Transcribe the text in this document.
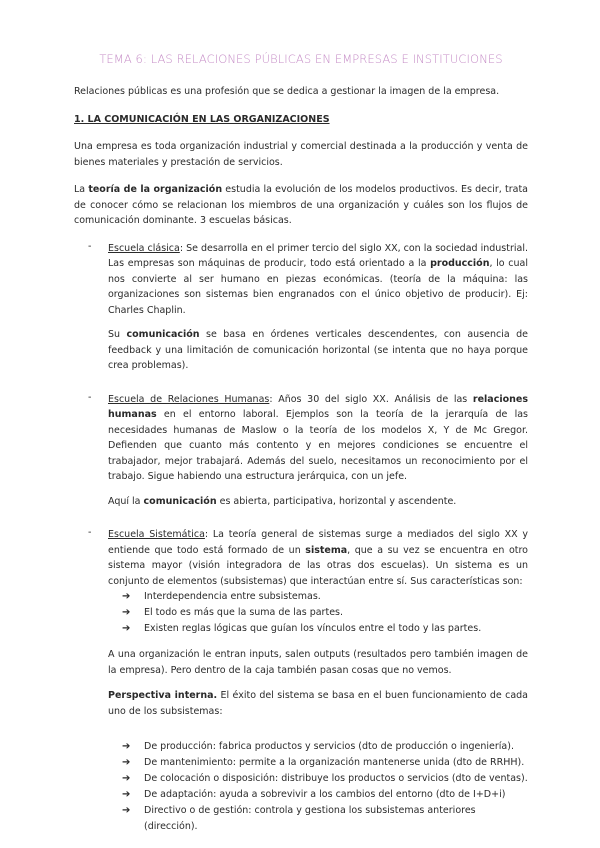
TEMA 6: LAS RELACIONES PÚBLICAS EN EMPRESAS E INSTITUCIONES

Relaciones públicas es una profesión que se dedica a gestionar la imagen de la empresa.

1. LA COMUNICACIÓN EN LAS ORGANIZACIONES

Una empresa es toda organización industrial y comercial destinada a la producción y venta de bienes materiales y prestación de servicios.

La teoría de la organización estudia la evolución de los modelos productivos. Es decir, trata de conocer cómo se relacionan los miembros de una organización y cuáles son los flujos de comunicación dominante. 3 escuelas básicas.

- Escuela clásica: Se desarrolla en el primer tercio del siglo XX, con la sociedad industrial. Las empresas son máquinas de producir, todo está orientado a la producción, lo cual nos convierte al ser humano en piezas económicas. (teoría de la máquina: las organizaciones son sistemas bien engranados con el único objetivo de producir). Ej: Charles Chaplin.

Su comunicación se basa en órdenes verticales descendentes, con ausencia de feedback y una limitación de comunicación horizontal (se intenta que no haya porque crea problemas).

- Escuela de Relaciones Humanas: Años 30 del siglo XX. Análisis de las relaciones humanas en el entorno laboral. Ejemplos son la teoría de la jerarquía de las necesidades humanas de Maslow o la teoría de los modelos X, Y de Mc Gregor. Defienden que cuanto más contento y en mejores condiciones se encuentre el trabajador, mejor trabajará. Además del suelo, necesitamos un reconocimiento por el trabajo. Sigue habiendo una estructura jerárquica, con un jefe.

Aquí la comunicación es abierta, participativa, horizontal y ascendente.

- Escuela Sistemática: La teoría general de sistemas surge a mediados del siglo XX y entiende que todo está formado de un sistema, que a su vez se encuentra en otro sistema mayor (visión integradora de las otras dos escuelas). Un sistema es un conjunto de elementos (subsistemas) que interactúan entre sí. Sus características son:

➔ Interdependencia entre subsistemas.
➔ El todo es más que la suma de las partes.
➔ Existen reglas lógicas que guían los vínculos entre el todo y las partes.

A una organización le entran inputs, salen outputs (resultados pero también imagen de la empresa). Pero dentro de la caja también pasan cosas que no vemos.

Perspectiva interna. El éxito del sistema se basa en el buen funcionamiento de cada uno de los subsistemas:

➔ De producción: fabrica productos y servicios (dto de producción o ingeniería).
➔ De mantenimiento: permite a la organización mantenerse unida (dto de RRHH).
➔ De colocación o disposición: distribuye los productos o servicios (dto de ventas).
➔ De adaptación: ayuda a sobrevivir a los cambios del entorno (dto de I+D+i)
➔ Directivo o de gestión: controla y gestiona los subsistemas anteriores (dirección).
